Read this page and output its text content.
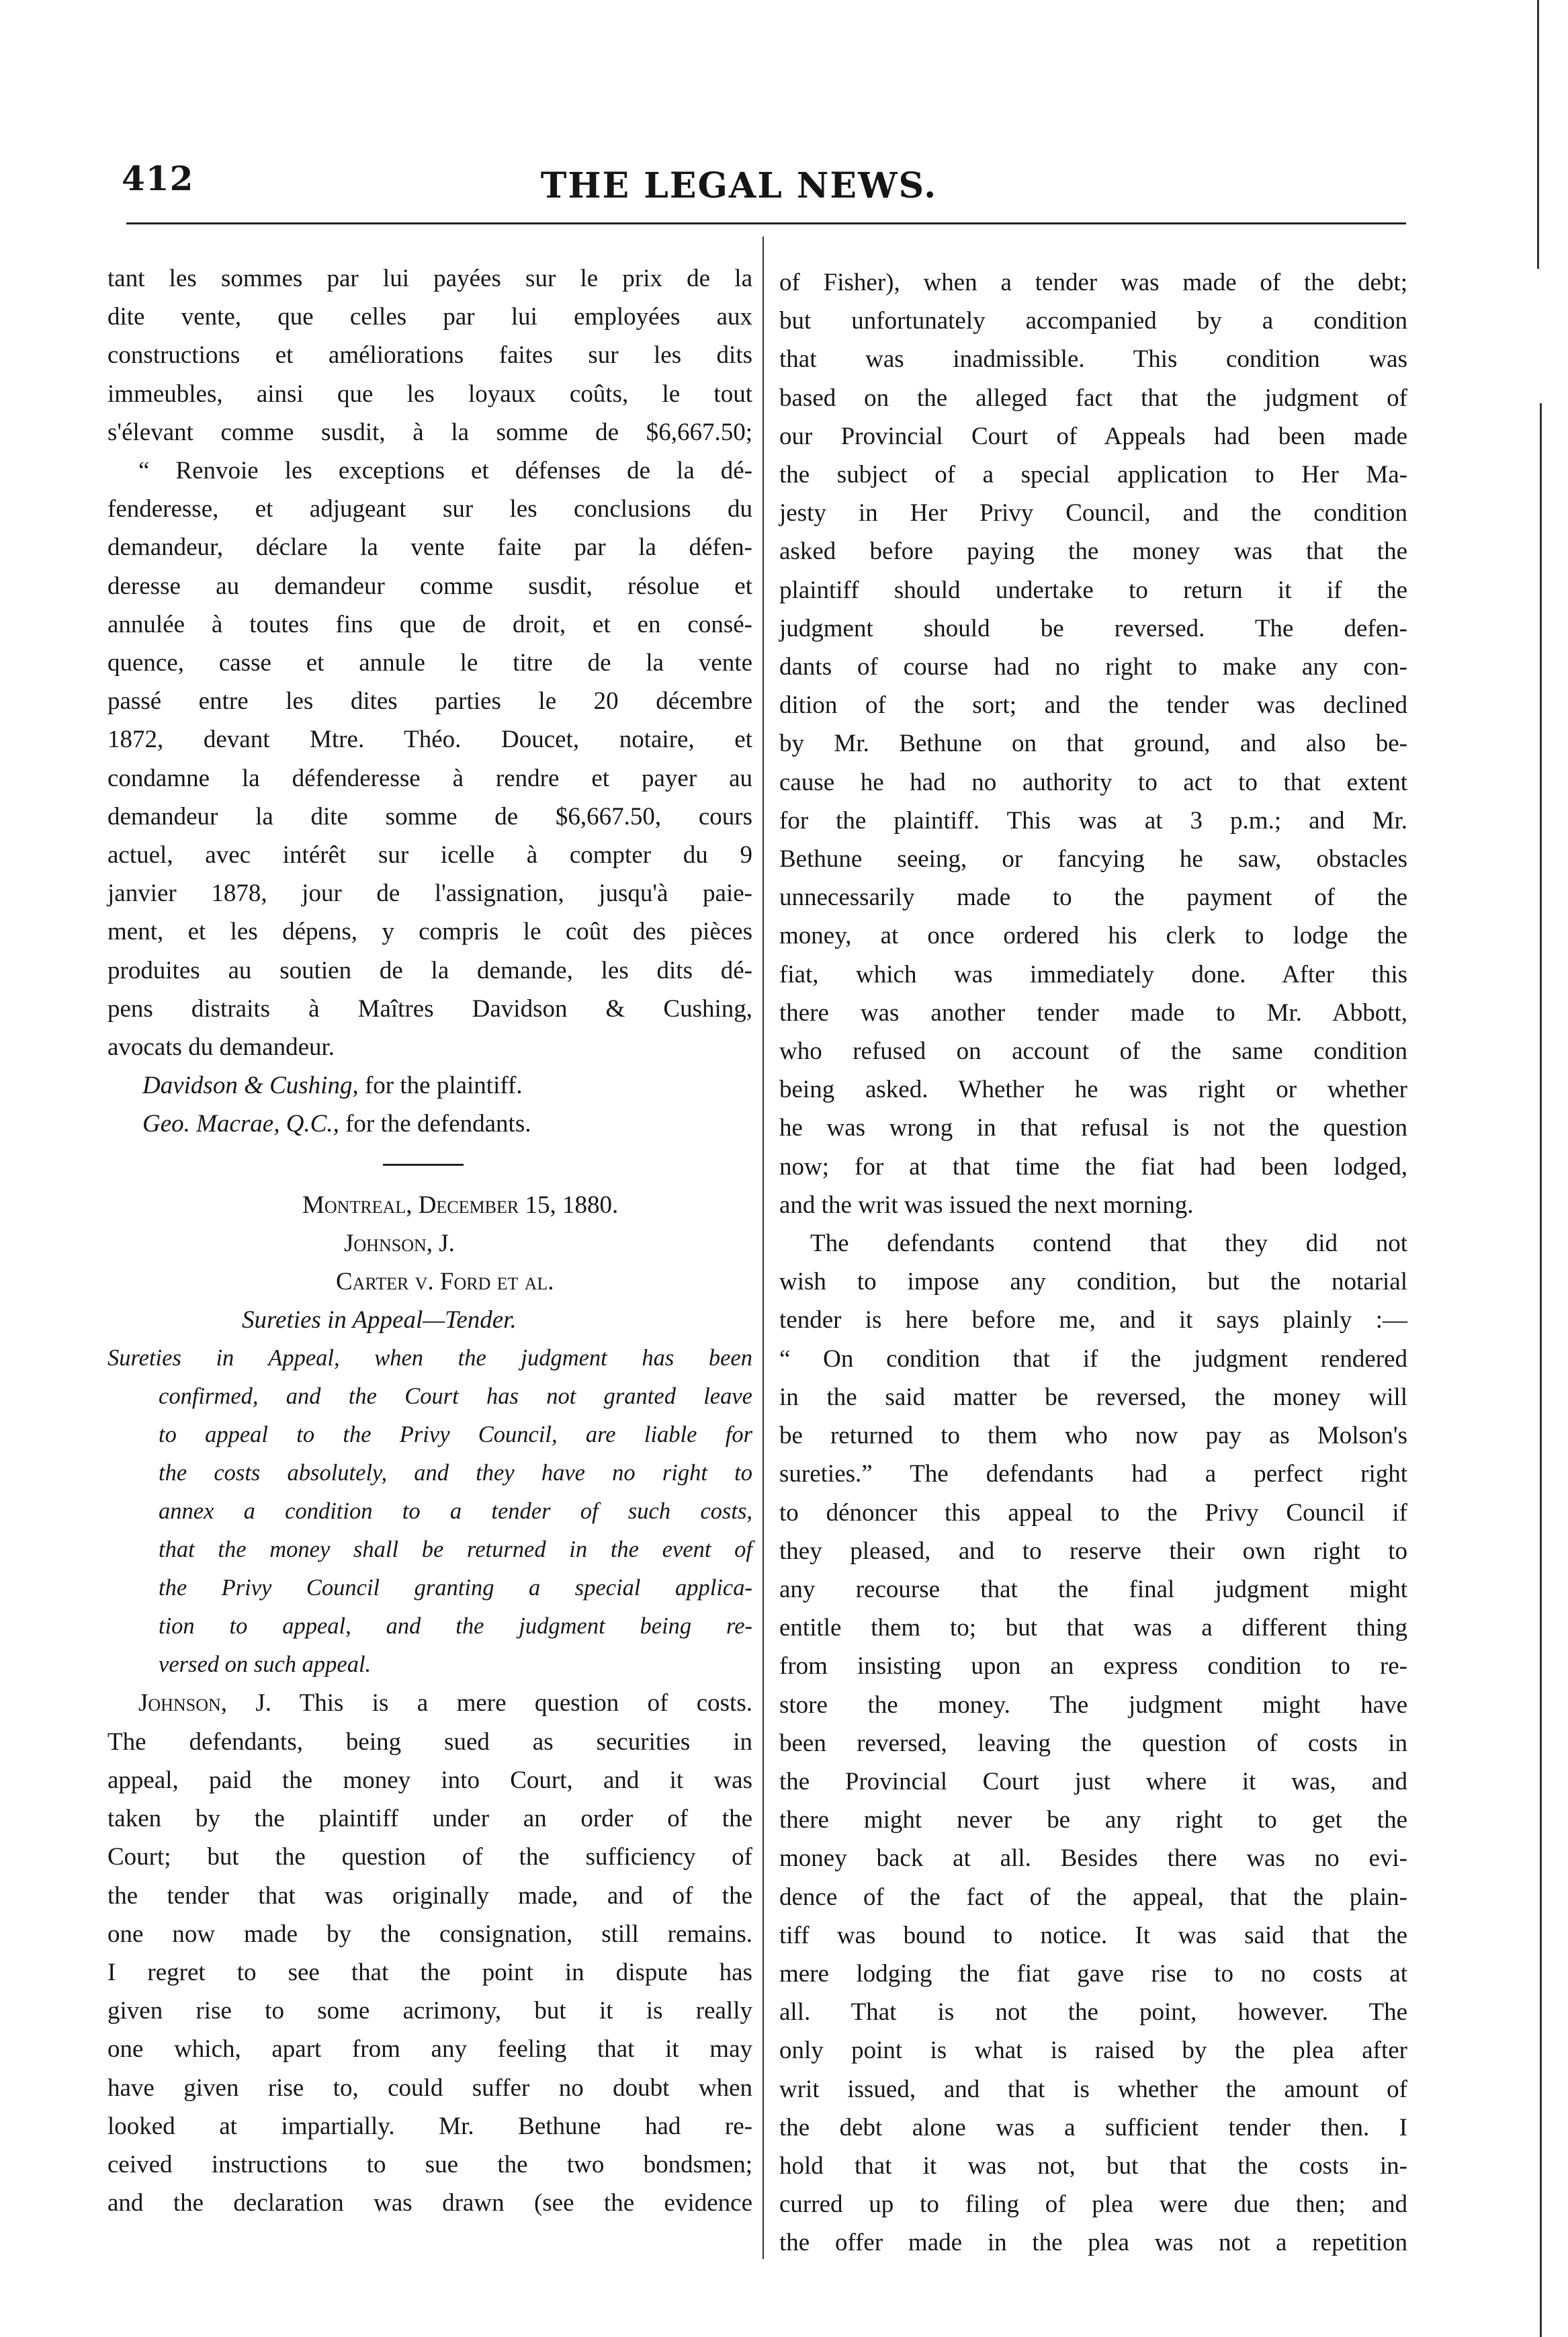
412	THE LEGAL NEWS.
tant les sommes par lui payées sur le prix de la
dite vente, que celles par lui employées aux
constructions et améliorations faites sur les dits
immeubles, ainsi que les loyaux coûts, le tout
s'élevant comme susdit, à la somme de $6,667.50;
“ Renvoie les exceptions et défenses de la dé-
fenderesse, et adjugeant sur les conclusions du
demandeur, déclare la vente faite par la défen-
deresse au demandeur comme susdit, résolue et
annulée à toutes fins que de droit, et en consé-
quence, casse et annule le titre de la vente
passé entre les dites parties le 20 décembre
1872, devant Mtre. Théo. Doucet, notaire, et
condamne la défenderesse à rendre et payer au
demandeur la dite somme de $6,667.50, cours
actuel, avec intérêt sur icelle à compter du 9
janvier 1878, jour de l'assignation, jusqu'à paie-
ment, et les dépens, y compris le coût des pièces
produites au soutien de la demande, les dits dé-
pens distraits à Maîtres Davidson & Cushing,
avocats du demandeur.
Davidson & Cushing, for the plaintiff.
Geo. Macrae, Q.C., for the defendants.
Montreal, December 15, 1880.
Johnson, J.
Carter v. Ford et al.
Sureties in Appeal—Tender.
Sureties in Appeal, when the judgment has been
confirmed, and the Court has not granted leave
to appeal to the Privy Council, are liable for
the costs absolutely, and they have no right to
annex a condition to a tender of such costs,
that the money shall be returned in the event of
the Privy Council granting a special applica-
tion to appeal, and the judgment being re-
versed on such appeal.
Johnson, J. This is a mere question of costs.
The defendants, being sued as securities in
appeal, paid the money into Court, and it was
taken by the plaintiff under an order of the
Court; but the question of the sufficiency of
the tender that was originally made, and of the
one now made by the consignation, still remains.
I regret to see that the point in dispute has
given rise to some acrimony, but it is really
one which, apart from any feeling that it may
have given rise to, could suffer no doubt when
looked at impartially. Mr. Bethune had re-
ceived instructions to sue the two bondsmen;
and the declaration was drawn (see the evidence
of Fisher), when a tender was made of the debt;
but unfortunately accompanied by a condition
that was inadmissible. This condition was
based on the alleged fact that the judgment of
our Provincial Court of Appeals had been made
the subject of a special application to Her Ma-
jesty in Her Privy Council, and the condition
asked before paying the money was that the
plaintiff should undertake to return it if the
judgment should be reversed. The defen-
dants of course had no right to make any con-
dition of the sort; and the tender was declined
by Mr. Bethune on that ground, and also be-
cause he had no authority to act to that extent
for the plaintiff. This was at 3 p.m.; and Mr.
Bethune seeing, or fancying he saw, obstacles
unnecessarily made to the payment of the
money, at once ordered his clerk to lodge the
fiat, which was immediately done. After this
there was another tender made to Mr. Abbott,
who refused on account of the same condition
being asked. Whether he was right or whether
he was wrong in that refusal is not the question
now; for at that time the fiat had been lodged,
and the writ was issued the next morning.
The defendants contend that they did not
wish to impose any condition, but the notarial
tender is here before me, and it says plainly :—
“ On condition that if the judgment rendered
in the said matter be reversed, the money will
be returned to them who now pay as Molson's
sureties.” The defendants had a perfect right
to dénoncer this appeal to the Privy Council if
they pleased, and to reserve their own right to
any recourse that the final judgment might
entitle them to; but that was a different thing
from insisting upon an express condition to re-
store the money. The judgment might have
been reversed, leaving the question of costs in
the Provincial Court just where it was, and
there might never be any right to get the
money back at all. Besides there was no evi-
dence of the fact of the appeal, that the plain-
tiff was bound to notice. It was said that the
mere lodging the fiat gave rise to no costs at
all. That is not the point, however. The
only point is what is raised by the plea after
writ issued, and that is whether the amount of
the debt alone was a sufficient tender then. I
hold that it was not, but that the costs in-
curred up to filing of plea were due then; and
the offer made in the plea was not a repetition
